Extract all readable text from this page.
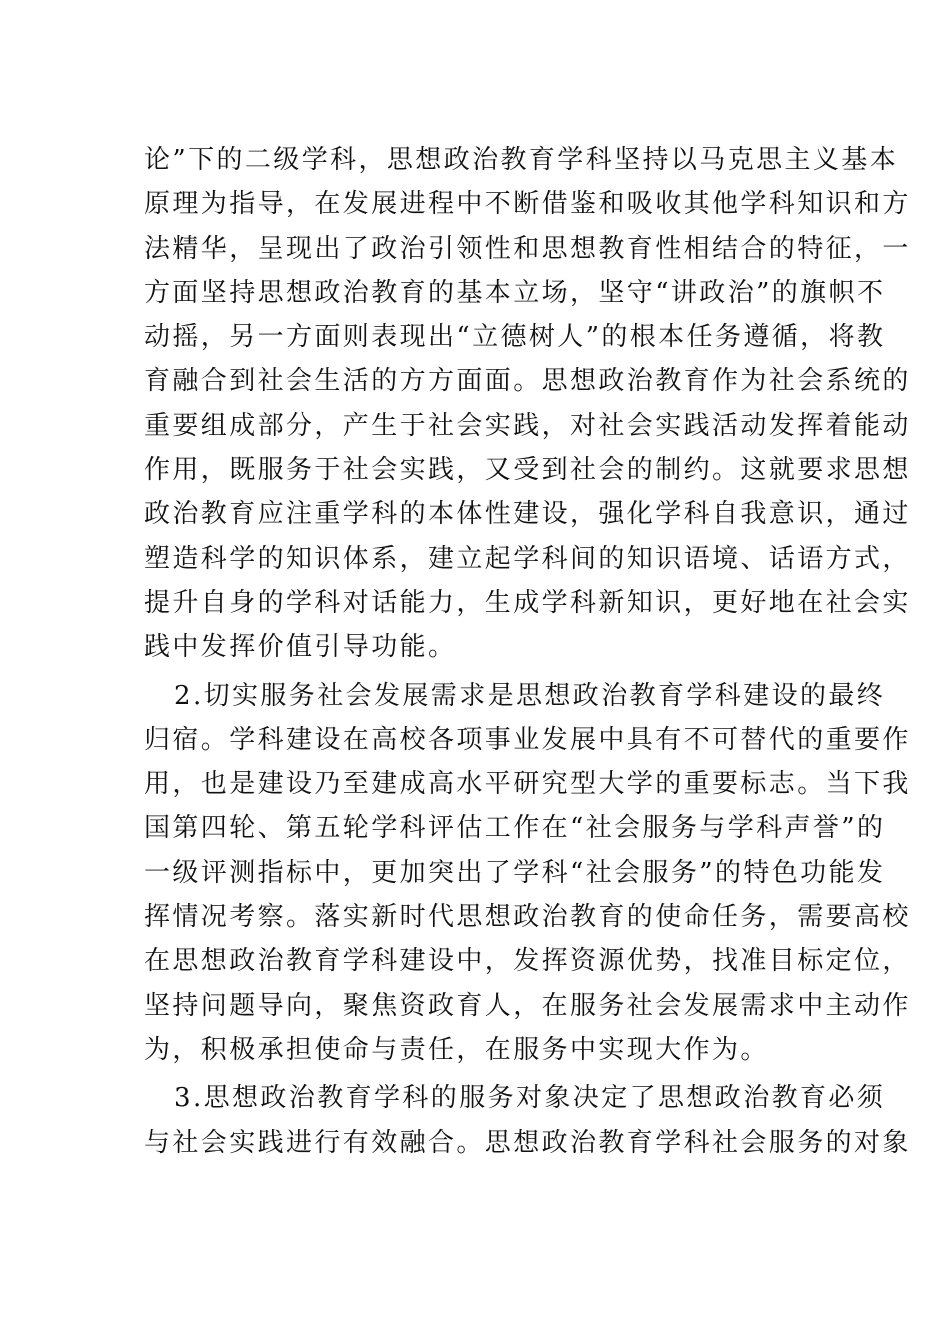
论”下的二级学科，思想政治教育学科坚持以马克思主义基本
原理为指导，在发展进程中不断借鉴和吸收其他学科知识和方
法精华，呈现出了政治引领性和思想教育性相结合的特征，一
方面坚持思想政治教育的基本立场，坚守“讲政治”的旗帜不
动摇，另一方面则表现出“立德树人”的根本任务遵循，将教
育融合到社会生活的方方面面。思想政治教育作为社会系统的
重要组成部分，产生于社会实践，对社会实践活动发挥着能动
作用，既服务于社会实践，又受到社会的制约。这就要求思想
政治教育应注重学科的本体性建设，强化学科自我意识，通过
塑造科学的知识体系，建立起学科间的知识语境、话语方式，
提升自身的学科对话能力，生成学科新知识，更好地在社会实
践中发挥价值引导功能。
2.切实服务社会发展需求是思想政治教育学科建设的最终
归宿。学科建设在高校各项事业发展中具有不可替代的重要作
用，也是建设乃至建成高水平研究型大学的重要标志。当下我
国第四轮、第五轮学科评估工作在“社会服务与学科声誉”的
一级评测指标中，更加突出了学科“社会服务”的特色功能发
挥情况考察。落实新时代思想政治教育的使命任务，需要高校
在思想政治教育学科建设中，发挥资源优势，找准目标定位，
坚持问题导向，聚焦资政育人，在服务社会发展需求中主动作
为，积极承担使命与责任，在服务中实现大作为。
3.思想政治教育学科的服务对象决定了思想政治教育必须
与社会实践进行有效融合。思想政治教育学科社会服务的对象
